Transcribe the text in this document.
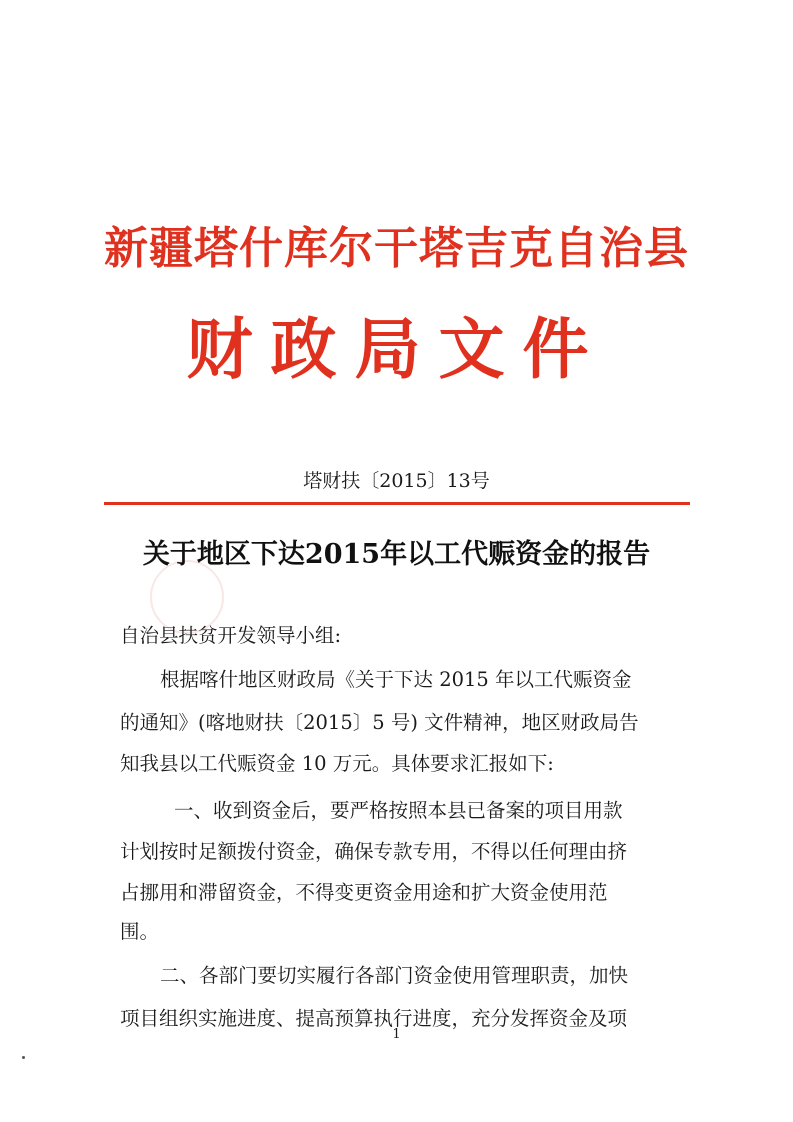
新疆塔什库尔干塔吉克自治县
财政局文件
塔财扶〔2015〕13号
关于地区下达2015年以工代赈资金的报告
自治县扶贫开发领导小组:
根据喀什地区财政局《关于下达 2015 年以工代赈资金
的通知》(喀地财扶〔2015〕5 号) 文件精神，地区财政局告
知我县以工代赈资金 10 万元。具体要求汇报如下:
一、收到资金后，要严格按照本县已备案的项目用款
计划按时足额拨付资金，确保专款专用，不得以任何理由挤
占挪用和滞留资金，不得变更资金用途和扩大资金使用范
围。
二、各部门要切实履行各部门资金使用管理职责，加快
项目组织实施进度、提高预算执行进度，充分发挥资金及项
1
